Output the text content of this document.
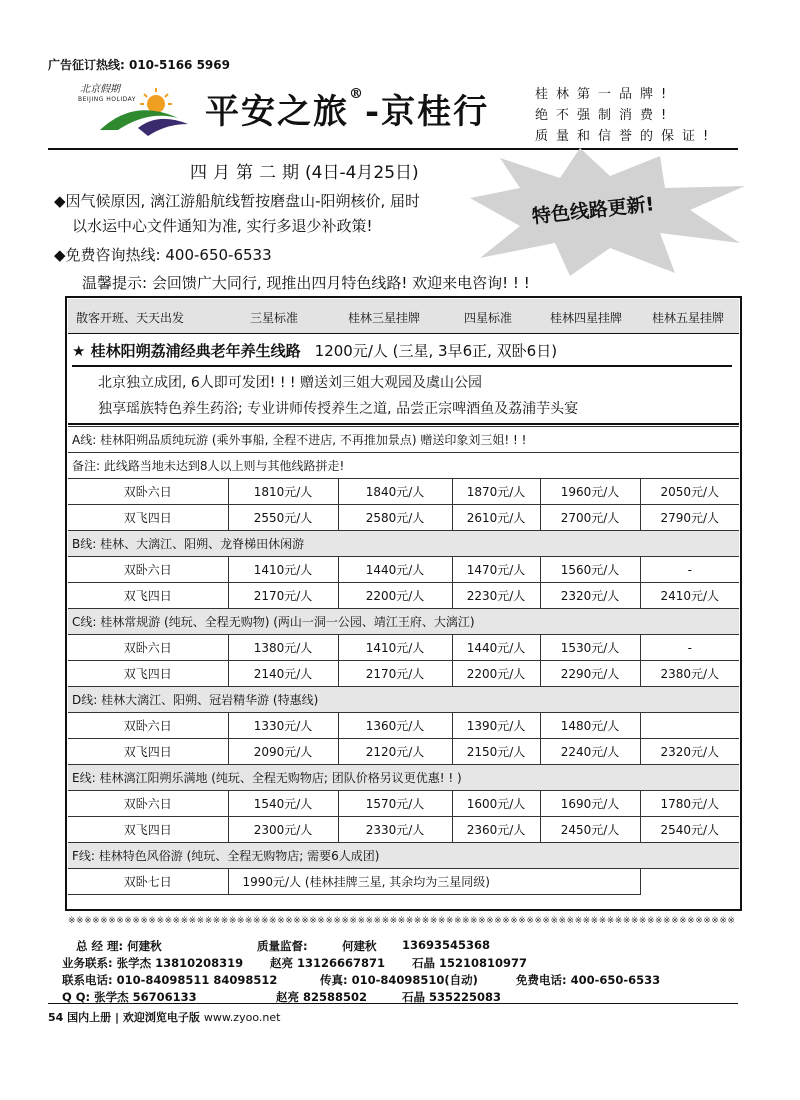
广告征订热线: 010-5166 5969
北京假期
BEIJING HOLIDAY 平安之旅®-京桂行	桂林第一品牌!
绝不强制消费!
质量和信誉的保证!
四月第二期(4日-4月25日)
特色线路更新!
◆因气候原因, 漓江游船航线暂按磨盘山-阳朔核价, 届时
以水运中心文件通知为准, 实行多退少补政策!
◆免费咨询热线: 400-650-6533
温馨提示: 会回馈广大同行, 现推出四月特色线路! 欢迎来电咨询! ! !
散客开班、天天出发	三星标准	桂林三星挂牌	四星标准	桂林四星挂牌 桂林五星挂牌
★ 桂林阳朔荔浦经典老年养生线路 1200元/人 (三星, 3早6正, 双卧6日)
北京独立成团, 6人即可发团! ! ! 赠送刘三姐大观园及虞山公园
独享瑶族特色养生药浴; 专业讲师传授养生之道, 品尝正宗啤酒鱼及荔浦芋头宴
A线: 桂林阳朔品质纯玩游 (乘外事船, 全程不进店, 不再推加景点) 赠送印象刘三姐! ! !					
备注: 此线路当地未达到8人以上则与其他线路拼走!					
双卧六日	1810元/人	1840元/人	1870元/人	1960元/人	2050元/人
双飞四日	2550元/人	2580元/人	2610元/人	2700元/人	2790元/人
B线: 桂林、大漓江、阳朔、龙脊梯田休闲游					
双卧六日	1410元/人	1440元/人	1470元/人	1560元/人	-
双飞四日	2170元/人	2200元/人	2230元/人	2320元/人	2410元/人
C线: 桂林常规游 (纯玩、全程无购物) (两山一洞一公园、靖江王府、大漓江)					
双卧六日	1380元/人	1410元/人	1440元/人	1530元/人	-
双飞四日	2140元/人	2170元/人	2200元/人	2290元/人	2380元/人
D线: 桂林大漓江、阳朔、冠岩精华游 (特惠线)					
双卧六日	1330元/人	1360元/人	1390元/人	1480元/人	
双飞四日	2090元/人	2120元/人	2150元/人	2240元/人	2320元/人
E线: 桂林漓江阳朔乐满地 (纯玩、全程无购物店; 团队价格另议更优惠! ! )					
双卧六日	1540元/人	1570元/人	1600元/人	1690元/人	1780元/人
双飞四日	2300元/人	2330元/人	2360元/人	2450元/人	2540元/人
F线: 桂林特色风俗游 (纯玩、全程无购物店; 需要6人成团)					
双卧七日	1990元/人 (桂林挂牌三星, 其余均为三星同级)				
※※※※※※※※※※※※※※※※※※※※※※※※※※※※※※※※※※※※※※※※※※※※※※※※※※※※※※※※※※※※※※※※※※※※※※※※※※※※※※※※※※※
总 经 理: 何建秋	质量监督:	何建秋 13693545368
业务联系: 张学杰 13810208319 赵亮 13126667871 石晶 15210810977
联系电话: 010-84098511 84098512	传真: 010-84098510(自动)	免费电话: 400-650-6533
Q Q: 张学杰 56706133	赵亮 82588502	石晶 535225083
54 国内上册 | 欢迎浏览电子版 www.zyoo.net
